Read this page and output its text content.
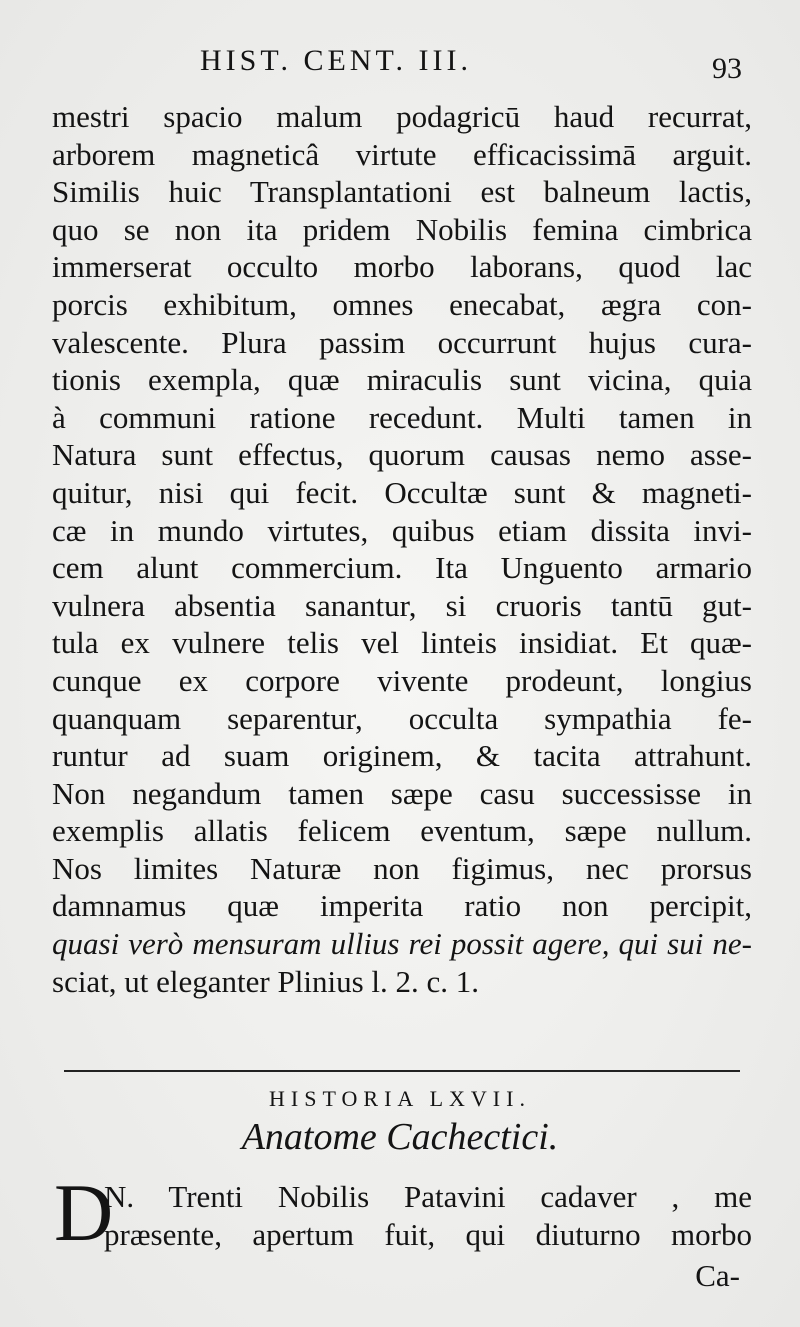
HIST. CENT. III.	93
mestri spacio malum podagricū haud recurrat,
arborem magneticâ virtute efficacissimā arguit.
Similis huic Transplantationi est balneum lactis,
quo se non ita pridem Nobilis femina cimbrica
immerserat occulto morbo laborans, quod lac
porcis exhibitum, omnes enecabat, ægra con-
valescente. Plura passim occurrunt hujus cura-
tionis exempla, quæ miraculis sunt vicina, quia
à communi ratione recedunt. Multi tamen in
Natura sunt effectus, quorum causas nemo asse-
quitur, nisi qui fecit. Occultæ sunt & magneti-
cæ in mundo virtutes, quibus etiam dissita invi-
cem alunt commercium. Ita Unguento armario
vulnera absentia sanantur, si cruoris tantū gut-
tula ex vulnere telis vel linteis insidiat. Et quæ-
cunque ex corpore vivente prodeunt, longius
quanquam separentur, occulta sympathia fe-
runtur ad suam originem, & tacita attrahunt.
Non negandum tamen sæpe casu successisse in
exemplis allatis felicem eventum, sæpe nullum.
Nos limites Naturæ non figimus, nec prorsus
damnamus quæ imperita ratio non percipit,
quasi verò mensuram ullius rei possit agere, qui sui ne-
sciat, ut eleganter Plinius l. 2. c. 1.
HISTORIA LXVII.
Anatome Cachectici.
D
N. Trenti Nobilis Patavini cadaver , me
præsente, apertum fuit, qui diuturno morbo
Ca-
